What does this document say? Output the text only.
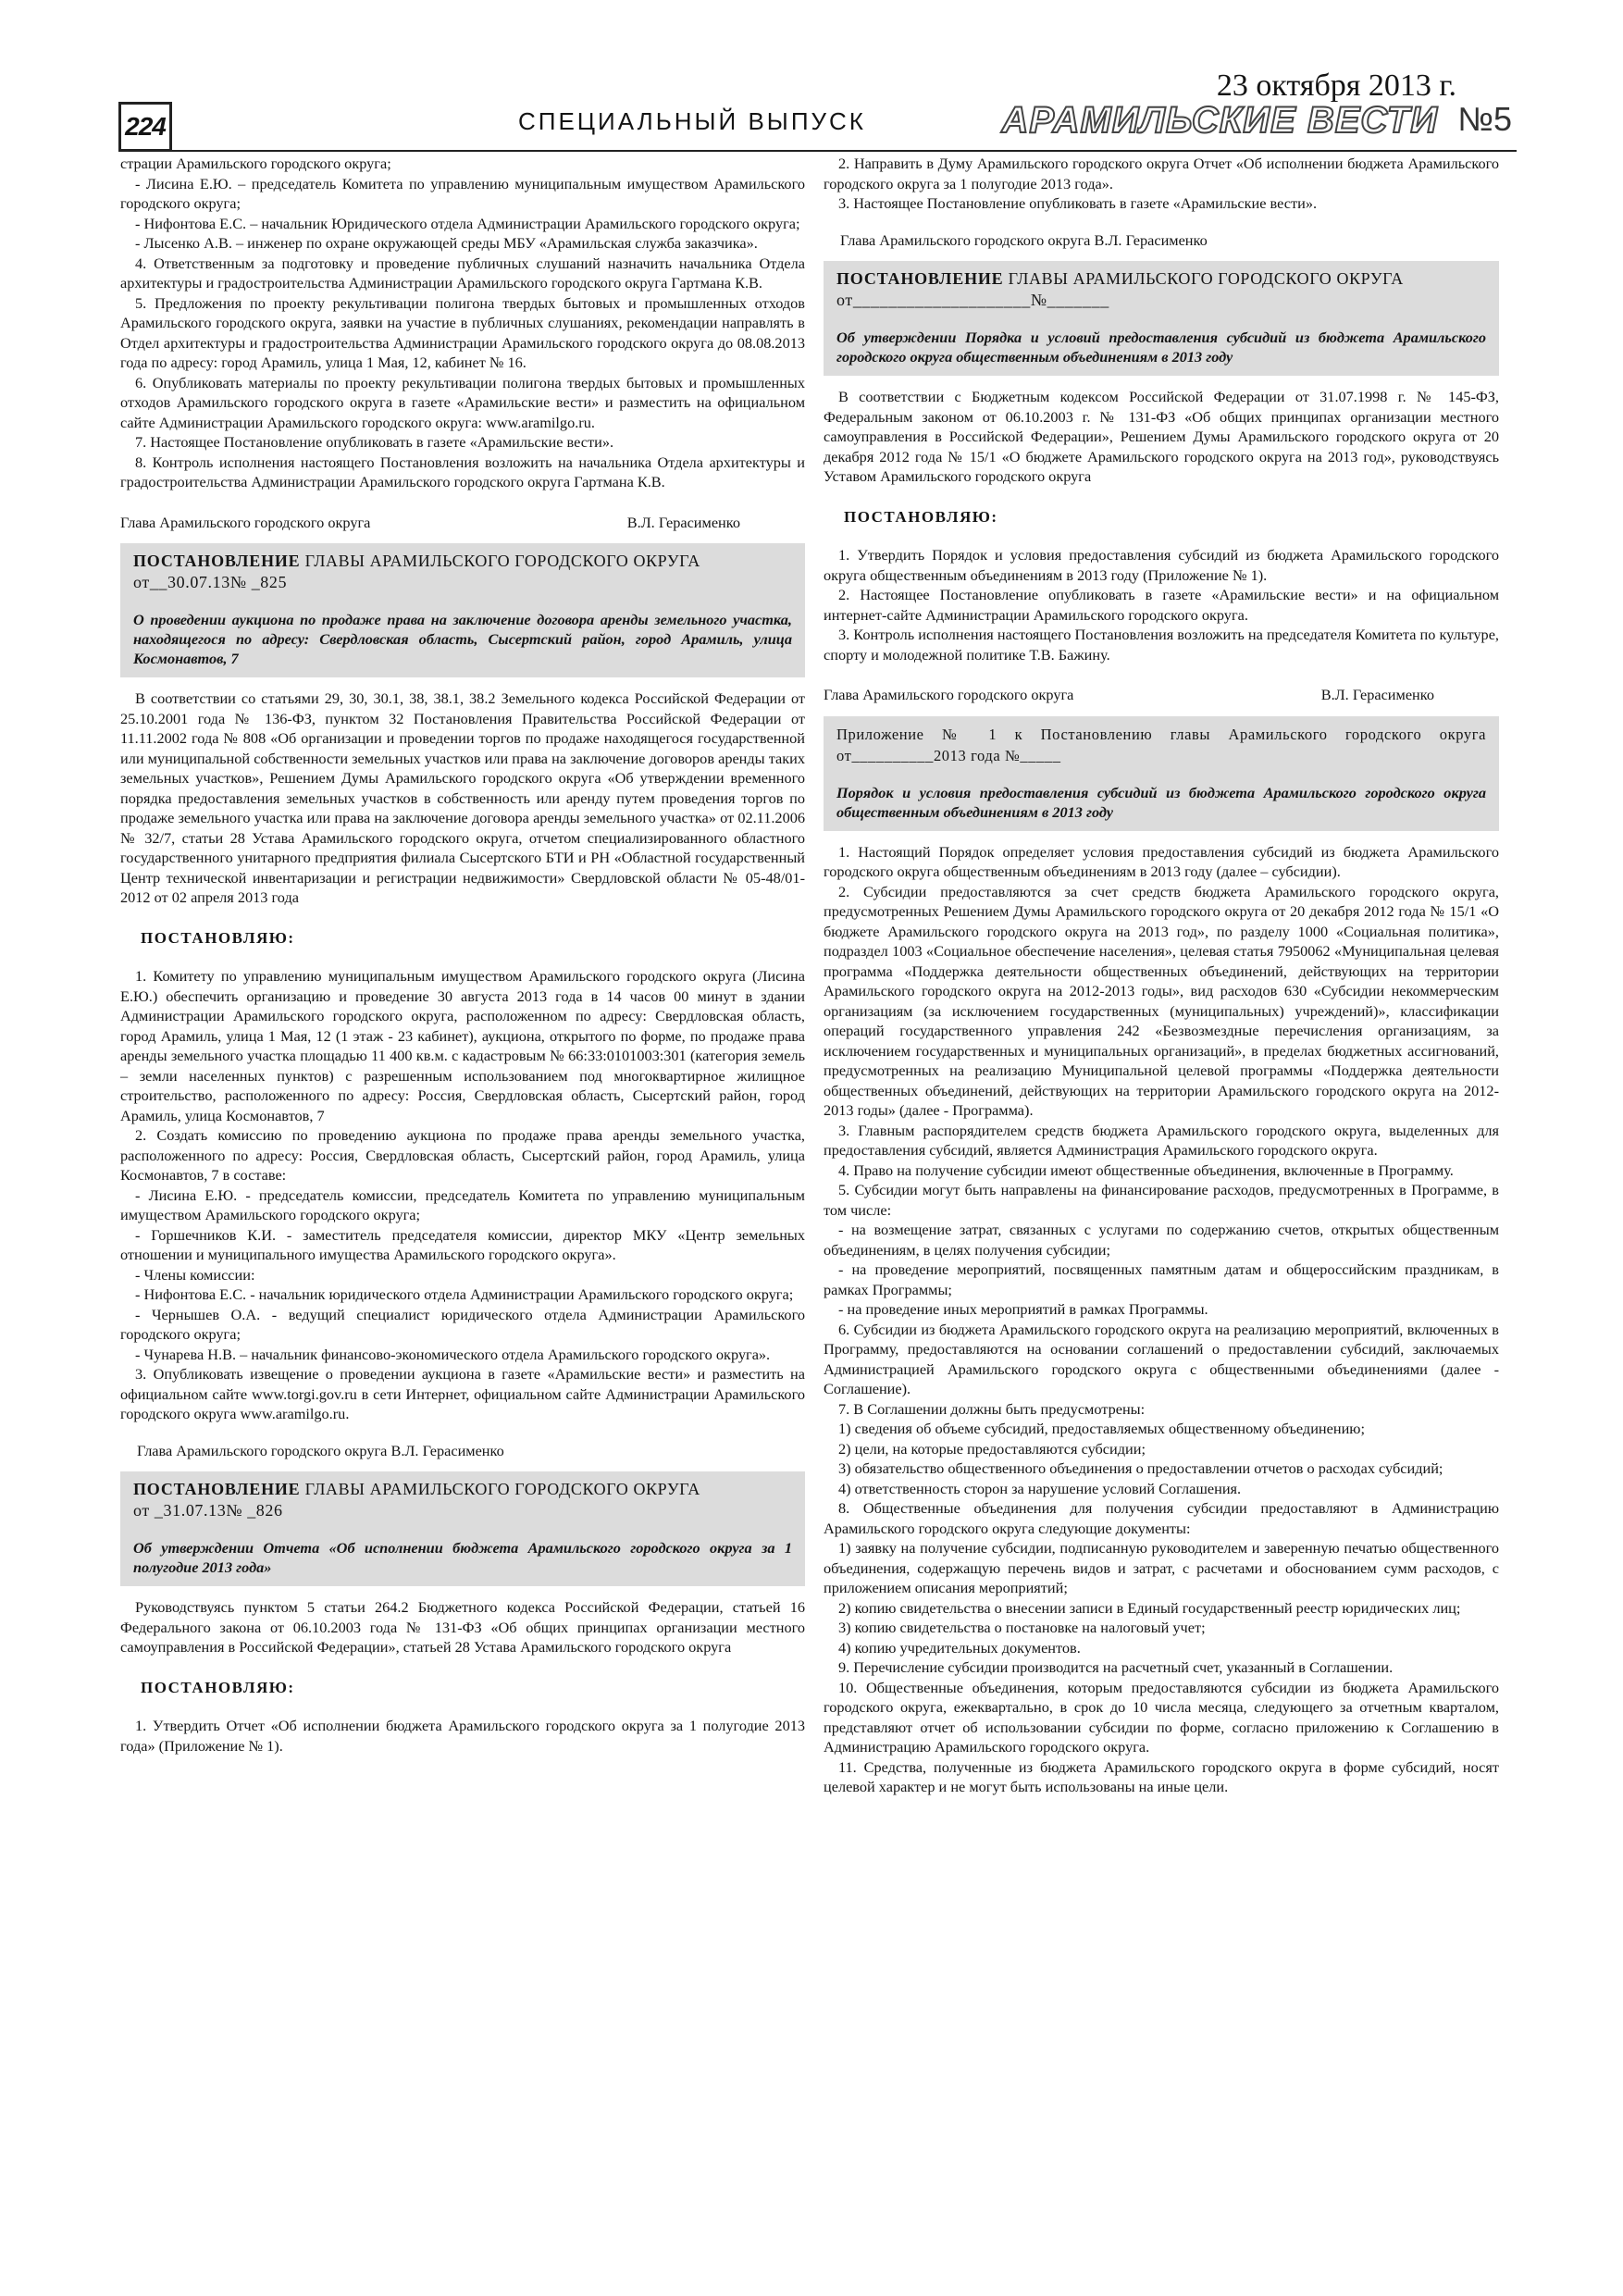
224	СПЕЦИАЛЬНЫЙ ВЫПУСК
23 октября 2013 г.
АРАМИЛЬСКИЕ ВЕСТИ №5

страции Арамильского городского округа;

- Лисина Е.Ю. – председатель Комитета по управлению муниципальным имуществом Арамильского городского округа;

- Нифонтова Е.С. – начальник Юридического отдела Администрации Арамильского городского округа;

- Лысенко А.В. – инженер по охране окружающей среды МБУ «Арамильская служба заказчика».

4. Ответственным за подготовку и проведение публичных слушаний назначить начальника Отдела архитектуры и градостроительства Администрации Арамильского городского округа Гартмана К.В.

5. Предложения по проекту рекультивации полигона твердых бытовых и промышленных отходов Арамильского городского округа, заявки на участие в публичных слушаниях, рекомендации направлять в Отдел архитектуры и градостроительства Администрации Арамильского городского округа до 08.08.2013 года по адресу: город Арамиль, улица 1 Мая, 12, кабинет № 16.

6. Опубликовать материалы по проекту рекультивации полигона твердых бытовых и промышленных отходов Арамильского городского округа в газете «Арамильские вести» и разместить на официальном сайте Администрации Арамильского городского округа: www.aramilgo.ru.

7. Настоящее Постановление опубликовать в газете «Арамильские вести».

8. Контроль исполнения настоящего Постановления возложить на начальника Отдела архитектуры и градостроительства Администрации Арамильского городского округа Гартмана К.В.

Глава Арамильского городского округа	В.Л. Герасименко
ПОСТАНОВЛЕНИЕ ГЛАВЫ АРАМИЛЬСКОГО ГОРОДСКОГО ОКРУГА
от__30.07.13№ _825
О проведении аукциона по продаже права на заключение договора аренды земельного участка, находящегося по адресу: Свердловская область, Сысертский район, город Арамиль, улица Космонавтов, 7

В соответствии со статьями 29, 30, 30.1, 38, 38.1, 38.2 Земельного кодекса Российской Федерации от 25.10.2001 года № 136-ФЗ, пунктом 32 Постановления Правительства Российской Федерации от 11.11.2002 года № 808 «Об организации и проведении торгов по продаже находящегося государственной или муниципальной собственности земельных участков или права на заключение договоров аренды таких земельных участков», Решением Думы Арамильского городского округа «Об утверждении временного порядка предоставления земельных участков в собственность или аренду путем проведения торгов по продаже земельного участка или права на заключение договора аренды земельного участка» от 02.11.2006 № 32/7, статьи 28 Устава Арамильского городского округа, отчетом специализированного областного государственного унитарного предприятия филиала Сысертского БТИ и РН «Областной государственный Центр технической инвентаризации и регистрации недвижимости» Свердловской области № 05-48/01-2012 от 02 апреля 2013 года

ПОСТАНОВЛЯЮ:

1. Комитету по управлению муниципальным имуществом Арамильского городского округа (Лисина Е.Ю.) обеспечить организацию и проведение 30 августа 2013 года в 14 часов 00 минут в здании Администрации Арамильского городского округа, расположенном по адресу: Свердловская область, город Арамиль, улица 1 Мая, 12 (1 этаж - 23 кабинет), аукциона, открытого по форме, по продаже права аренды земельного участка площадью 11 400 кв.м. с кадастровым № 66:33:0101003:301 (категория земель – земли населенных пунктов) с разрешенным использованием под многоквартирное жилищное строительство, расположенного по адресу: Россия, Свердловская область, Сысертский район, город Арамиль, улица Космонавтов, 7

2. Создать комиссию по проведению аукциона по продаже права аренды земельного участка, расположенного по адресу: Россия, Свердловская область, Сысертский район, город Арамиль, улица Космонавтов, 7 в составе:

- Лисина Е.Ю. - председатель комиссии, председатель Комитета по управлению муниципальным имуществом Арамильского городского округа;

- Горшечников К.И. - заместитель председателя комиссии, директор МКУ «Центр земельных отношении и муниципального имущества Арамильского городского округа».

- Члены комиссии:

- Нифонтова Е.С. - начальник юридического отдела Администрации Арамильского городского округа;

- Чернышев О.А. - ведущий специалист юридического отдела Администрации Арамильского городского округа;

- Чунарева Н.В. – начальник финансово-экономического отдела Арамильского городского округа».

3. Опубликовать извещение о проведении аукциона в газете «Арамильские вести» и разместить на официальном сайте www.torgi.gov.ru в сети Интернет, официальном сайте Администрации Арамильского городского округа www.aramilgo.ru.

Глава Арамильского городского округа В.Л. Герасименко
ПОСТАНОВЛЕНИЕ ГЛАВЫ АРАМИЛЬСКОГО ГОРОДСКОГО ОКРУГА
от _31.07.13№ _826
Об утверждении Отчета «Об исполнении бюджета Арамильского городского округа за 1 полугодие 2013 года»

Руководствуясь пунктом 5 статьи 264.2 Бюджетного кодекса Российской Федерации, статьей 16 Федерального закона от 06.10.2003 года № 131-ФЗ «Об общих принципах организации местного самоуправления в Российской Федерации», статьей 28 Устава Арамильского городского округа

ПОСТАНОВЛЯЮ:

1. Утвердить Отчет «Об исполнении бюджета Арамильского городского округа за 1 полугодие 2013 года» (Приложение № 1).

2. Направить в Думу Арамильского городского округа Отчет «Об исполнении бюджета Арамильского городского округа за 1 полугодие 2013 года».

3. Настоящее Постановление опубликовать в газете «Арамильские вести».

Глава Арамильского городского округа В.Л. Герасименко
ПОСТАНОВЛЕНИЕ ГЛАВЫ АРАМИЛЬСКОГО ГОРОДСКОГО ОКРУГА
от____________________№_______
Об утверждении Порядка и условий предоставления субсидий из бюджета Арамильского городского округа общественным объединениям в 2013 году

В соответствии с Бюджетным кодексом Российской Федерации от 31.07.1998 г. № 145-ФЗ, Федеральным законом от 06.10.2003 г. № 131-ФЗ «Об общих принципах организации местного самоуправления в Российской Федерации», Решением Думы Арамильского городского округа от 20 декабря 2012 года № 15/1 «О бюджете Арамильского городского округа на 2013 год», руководствуясь Уставом Арамильского городского округа

ПОСТАНОВЛЯЮ:

1. Утвердить Порядок и условия предоставления субсидий из бюджета Арамильского городского округа общественным объединениям в 2013 году (Приложение № 1).

2. Настоящее Постановление опубликовать в газете «Арамильские вести» и на официальном интернет-сайте Администрации Арамильского городского округа.

3. Контроль исполнения настоящего Постановления возложить на председателя Комитета по культуре, спорту и молодежной политике Т.В. Бажину.

Глава Арамильского городского округа	В.Л. Герасименко
Приложение № 1 к Постановлению главы Арамильского городского округа от__________2013 года №_____
Порядок и условия предоставления субсидий из бюджета Арамильского городского округа общественным объединениям в 2013 году

1. Настоящий Порядок определяет условия предоставления субсидий из бюджета Арамильского городского округа общественным объединениям в 2013 году (далее – субсидии).

2. Субсидии предоставляются за счет средств бюджета Арамильского городского округа, предусмотренных Решением Думы Арамильского городского округа от 20 декабря 2012 года № 15/1 «О бюджете Арамильского городского округа на 2013 год», по разделу 1000 «Социальная политика», подраздел 1003 «Социальное обеспечение населения», целевая статья 7950062 «Муниципальная целевая программа «Поддержка деятельности общественных объединений, действующих на территории Арамильского городского округа на 2012-2013 годы», вид расходов 630 «Субсидии некоммерческим организациям (за исключением государственных (муниципальных) учреждений)», классификации операций государственного управления 242 «Безвозмездные перечисления организациям, за исключением государственных и муниципальных организаций», в пределах бюджетных ассигнований, предусмотренных на реализацию Муниципальной целевой программы «Поддержка деятельности общественных объединений, действующих на территории Арамильского городского округа на 2012-2013 годы» (далее - Программа).

3. Главным распорядителем средств бюджета Арамильского городского округа, выделенных для предоставления субсидий, является Администрация Арамильского городского округа.

4. Право на получение субсидии имеют общественные объединения, включенные в Программу.

5. Субсидии могут быть направлены на финансирование расходов, предусмотренных в Программе, в том числе:

- на возмещение затрат, связанных с услугами по содержанию счетов, открытых общественным объединениям, в целях получения субсидии;

- на проведение мероприятий, посвященных памятным датам и общероссийским праздникам, в рамках Программы;

- на проведение иных мероприятий в рамках Программы.

6. Субсидии из бюджета Арамильского городского округа на реализацию мероприятий, включенных в Программу, предоставляются на основании соглашений о предоставлении субсидий, заключаемых Администрацией Арамильского городского округа с общественными объединениями (далее - Соглашение).

7. В Соглашении должны быть предусмотрены:

1) сведения об объеме субсидий, предоставляемых общественному объединению;

2) цели, на которые предоставляются субсидии;

3) обязательство общественного объединения о предоставлении отчетов о расходах субсидий;

4) ответственность сторон за нарушение условий Соглашения.

8. Общественные объединения для получения субсидии предоставляют в Администрацию Арамильского городского округа следующие документы:

1) заявку на получение субсидии, подписанную руководителем и заверенную печатью общественного объединения, содержащую перечень видов и затрат, с расчетами и обоснованием сумм расходов, с приложением описания мероприятий;

2) копию свидетельства о внесении записи в Единый государственный реестр юридических лиц;

3) копию свидетельства о постановке на налоговый учет;

4) копию учредительных документов.

9. Перечисление субсидии производится на расчетный счет, указанный в Соглашении.

10. Общественные объединения, которым предоставляются субсидии из бюджета Арамильского городского округа, ежеквартально, в срок до 10 числа месяца, следующего за отчетным кварталом, представляют отчет об использовании субсидии по форме, согласно приложению к Соглашению в Администрацию Арамильского городского округа.

11. Средства, полученные из бюджета Арамильского городского округа в форме субсидий, носят целевой характер и не могут быть использованы на иные цели.
